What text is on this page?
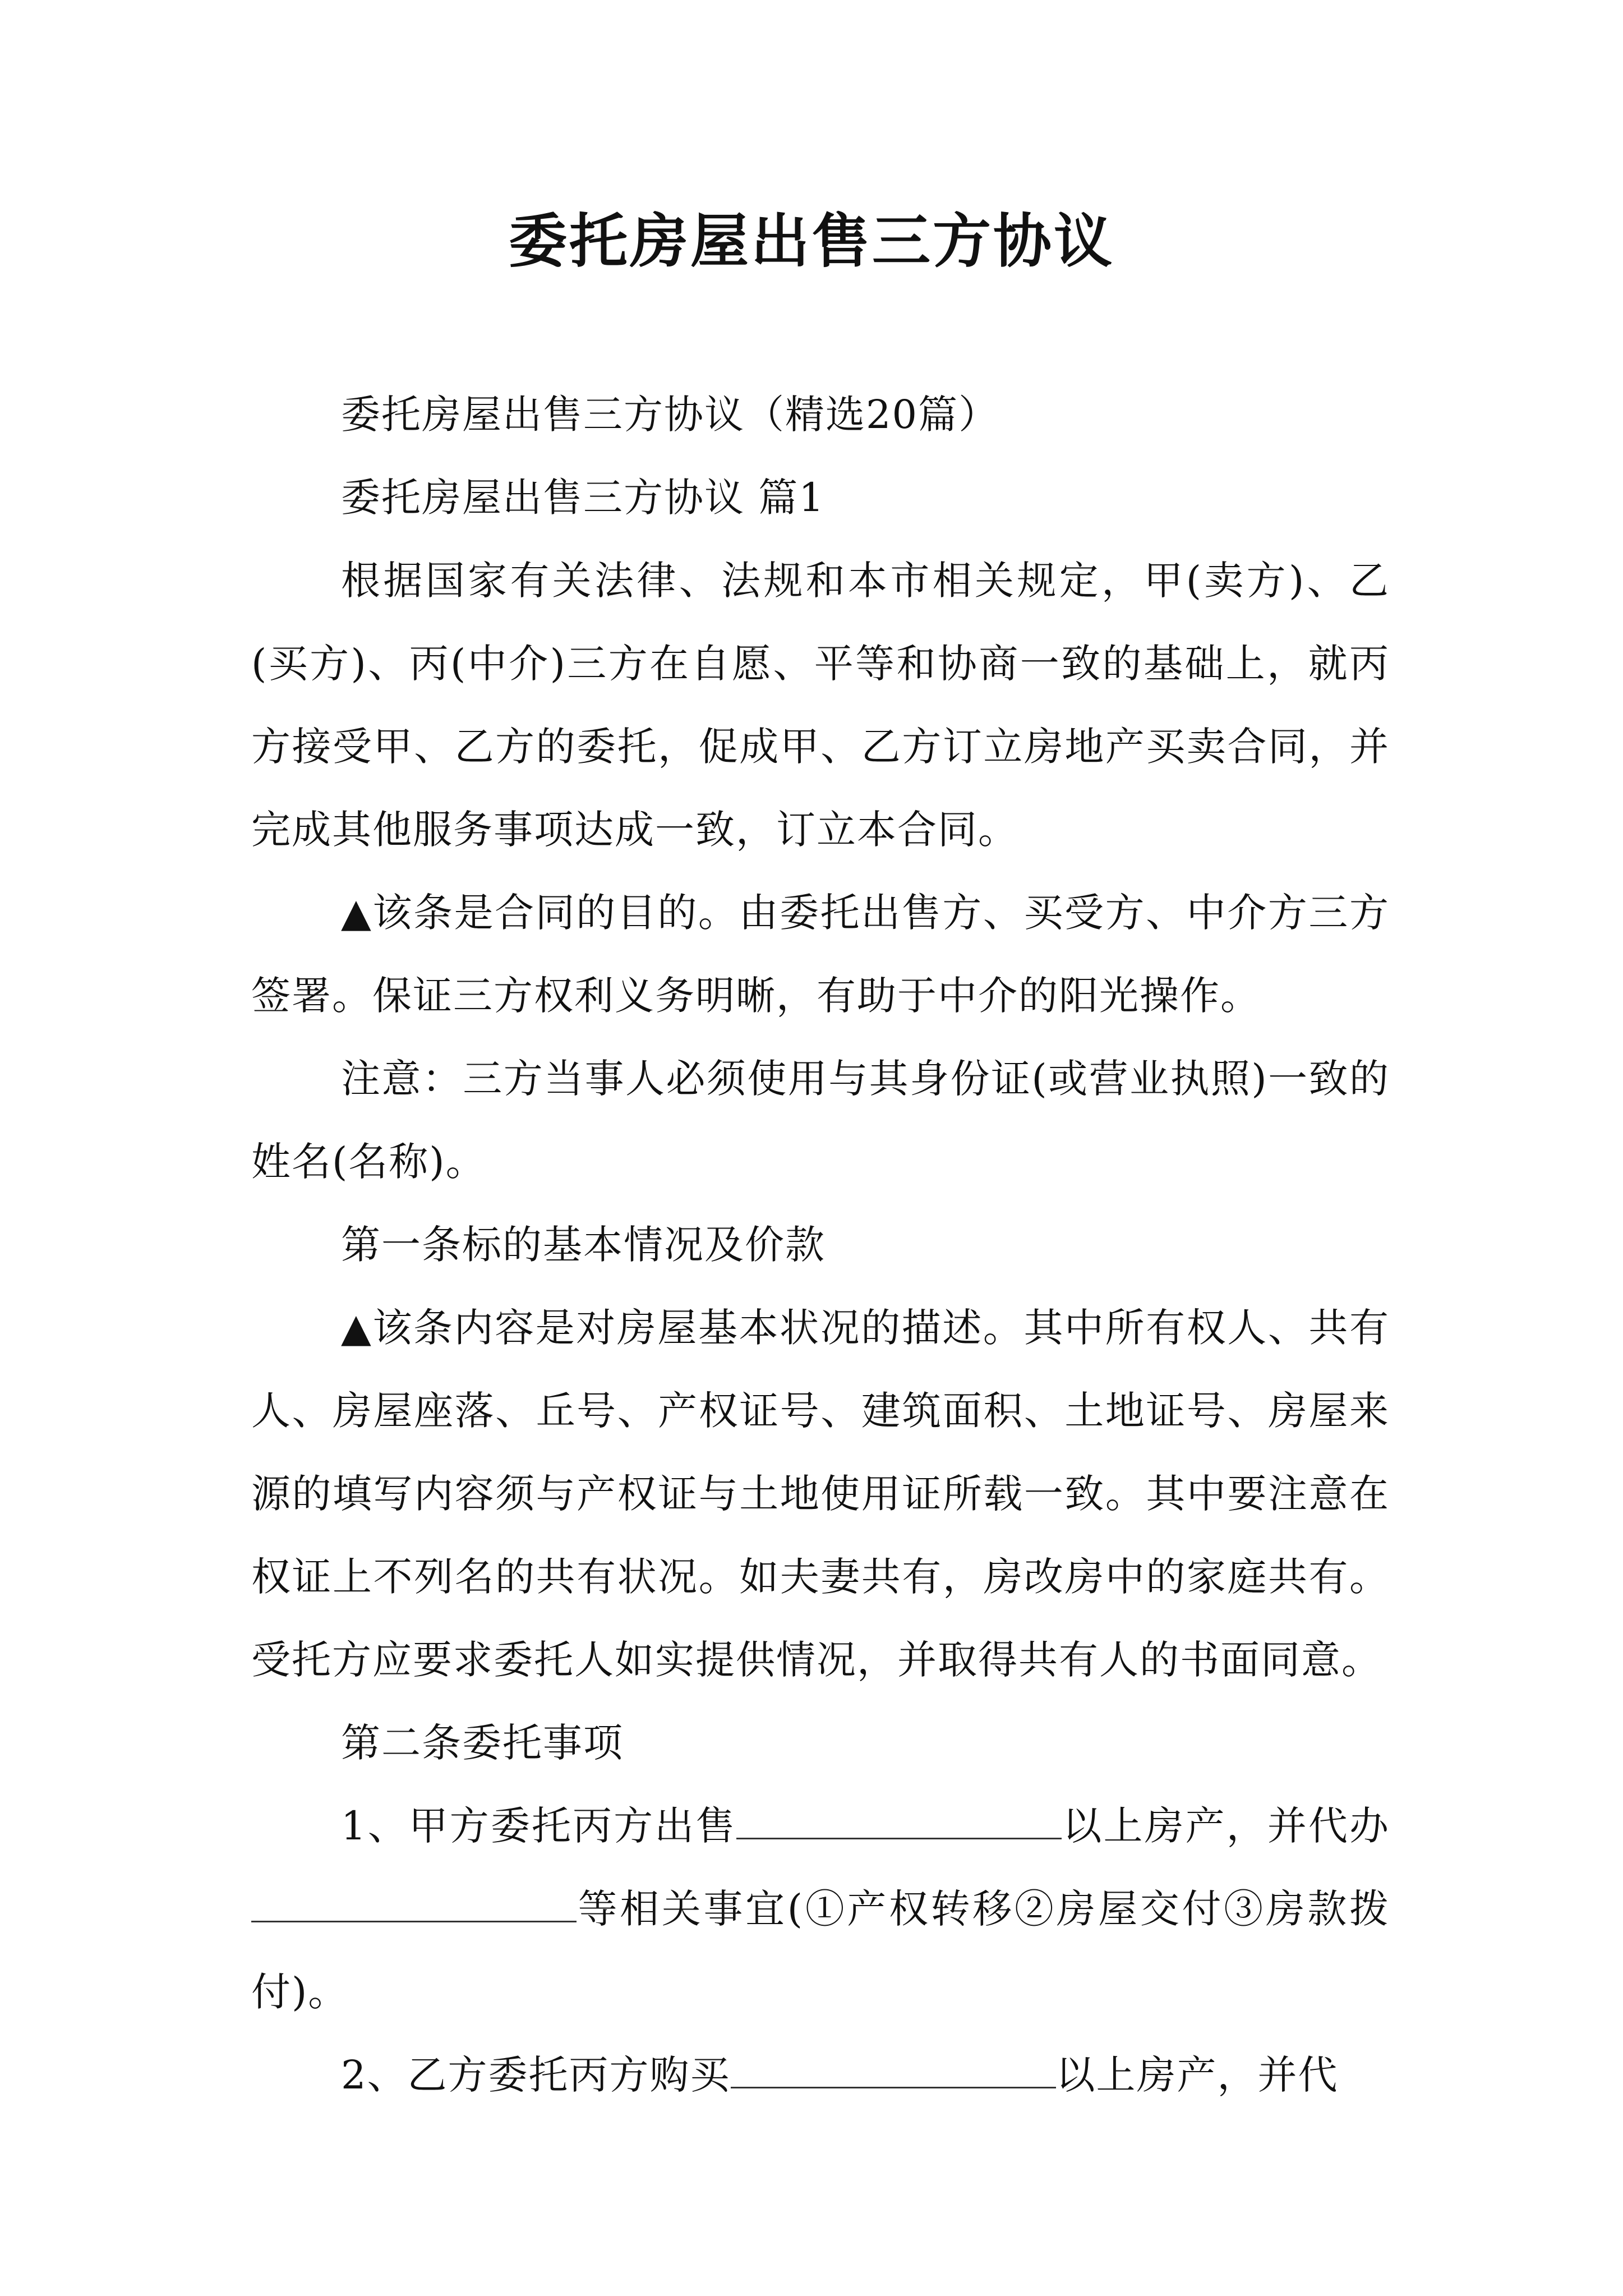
委托房屋出售三方协议

委托房屋出售三方协议（精选20篇）

委托房屋出售三方协议 篇1

根据国家有关法律、法规和本市相关规定，甲(卖方)、乙(买方)、丙(中介)三方在自愿、平等和协商一致的基础上，就丙方接受甲、乙方的委托，促成甲、乙方订立房地产买卖合同，并完成其他服务事项达成一致，订立本合同。

▲该条是合同的目的。由委托出售方、买受方、中介方三方签署。保证三方权利义务明晰，有助于中介的阳光操作。

注意：三方当事人必须使用与其身份证(或营业执照)一致的姓名(名称)。

第一条标的基本情况及价款

▲该条内容是对房屋基本状况的描述。其中所有权人、共有人、房屋座落、丘号、产权证号、建筑面积、土地证号、房屋来源的填写内容须与产权证与土地使用证所载一致。其中要注意在权证上不列名的共有状况。如夫妻共有，房改房中的家庭共有。受托方应要求委托人如实提供情况，并取得共有人的书面同意。

第二条委托事项

1、甲方委托丙方出售	以上房产，并代办等相关事宜(①产权转移②房屋交付③房款拨付)。

2、乙方委托丙方购买	以上房产，并代
